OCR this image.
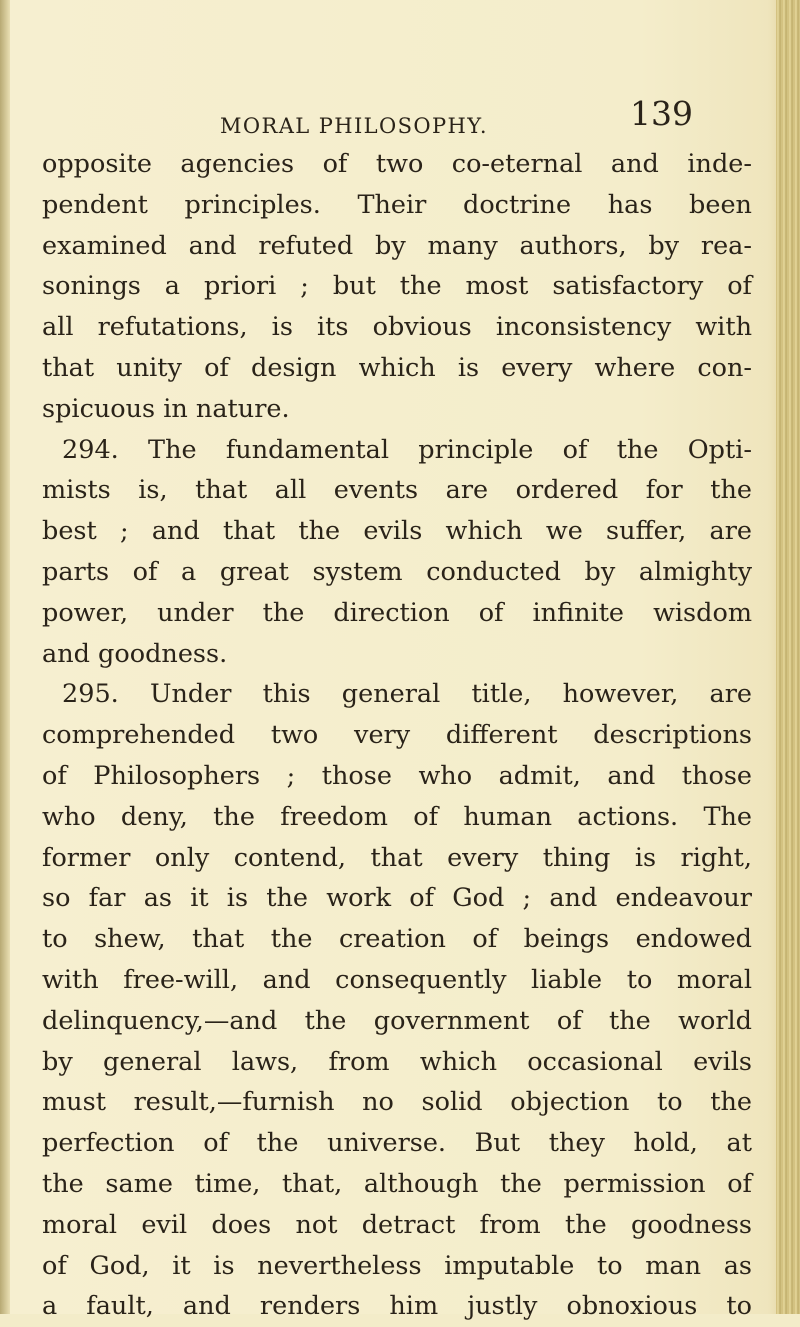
MORAL PHILOSOPHY.	139
opposite agencies of two co-eternal and inde-
pendent principles. Their doctrine has been
examined and refuted by many authors, by rea-
sonings a priori ; but the most satisfactory of
all refutations, is its obvious inconsistency with
that unity of design which is every where con-
spicuous in nature.
294. The fundamental principle of the Opti-
mists is, that all events are ordered for the
best ; and that the evils which we suffer, are
parts of a great system conducted by almighty
power, under the direction of infinite wisdom
and goodness.
295. Under this general title, however, are
comprehended two very different descriptions
of Philosophers ; those who admit, and those
who deny, the freedom of human actions. The
former only contend, that every thing is right,
so far as it is the work of God ; and endeavour
to shew, that the creation of beings endowed
with free-will, and consequently liable to moral
delinquency,—and the government of the world
by general laws, from which occasional evils
must result,—furnish no solid objection to the
perfection of the universe. But they hold, at
the same time, that, although the permission of
moral evil does not detract from the goodness
of God, it is nevertheless imputable to man as
a fault, and renders him justly obnoxious to
